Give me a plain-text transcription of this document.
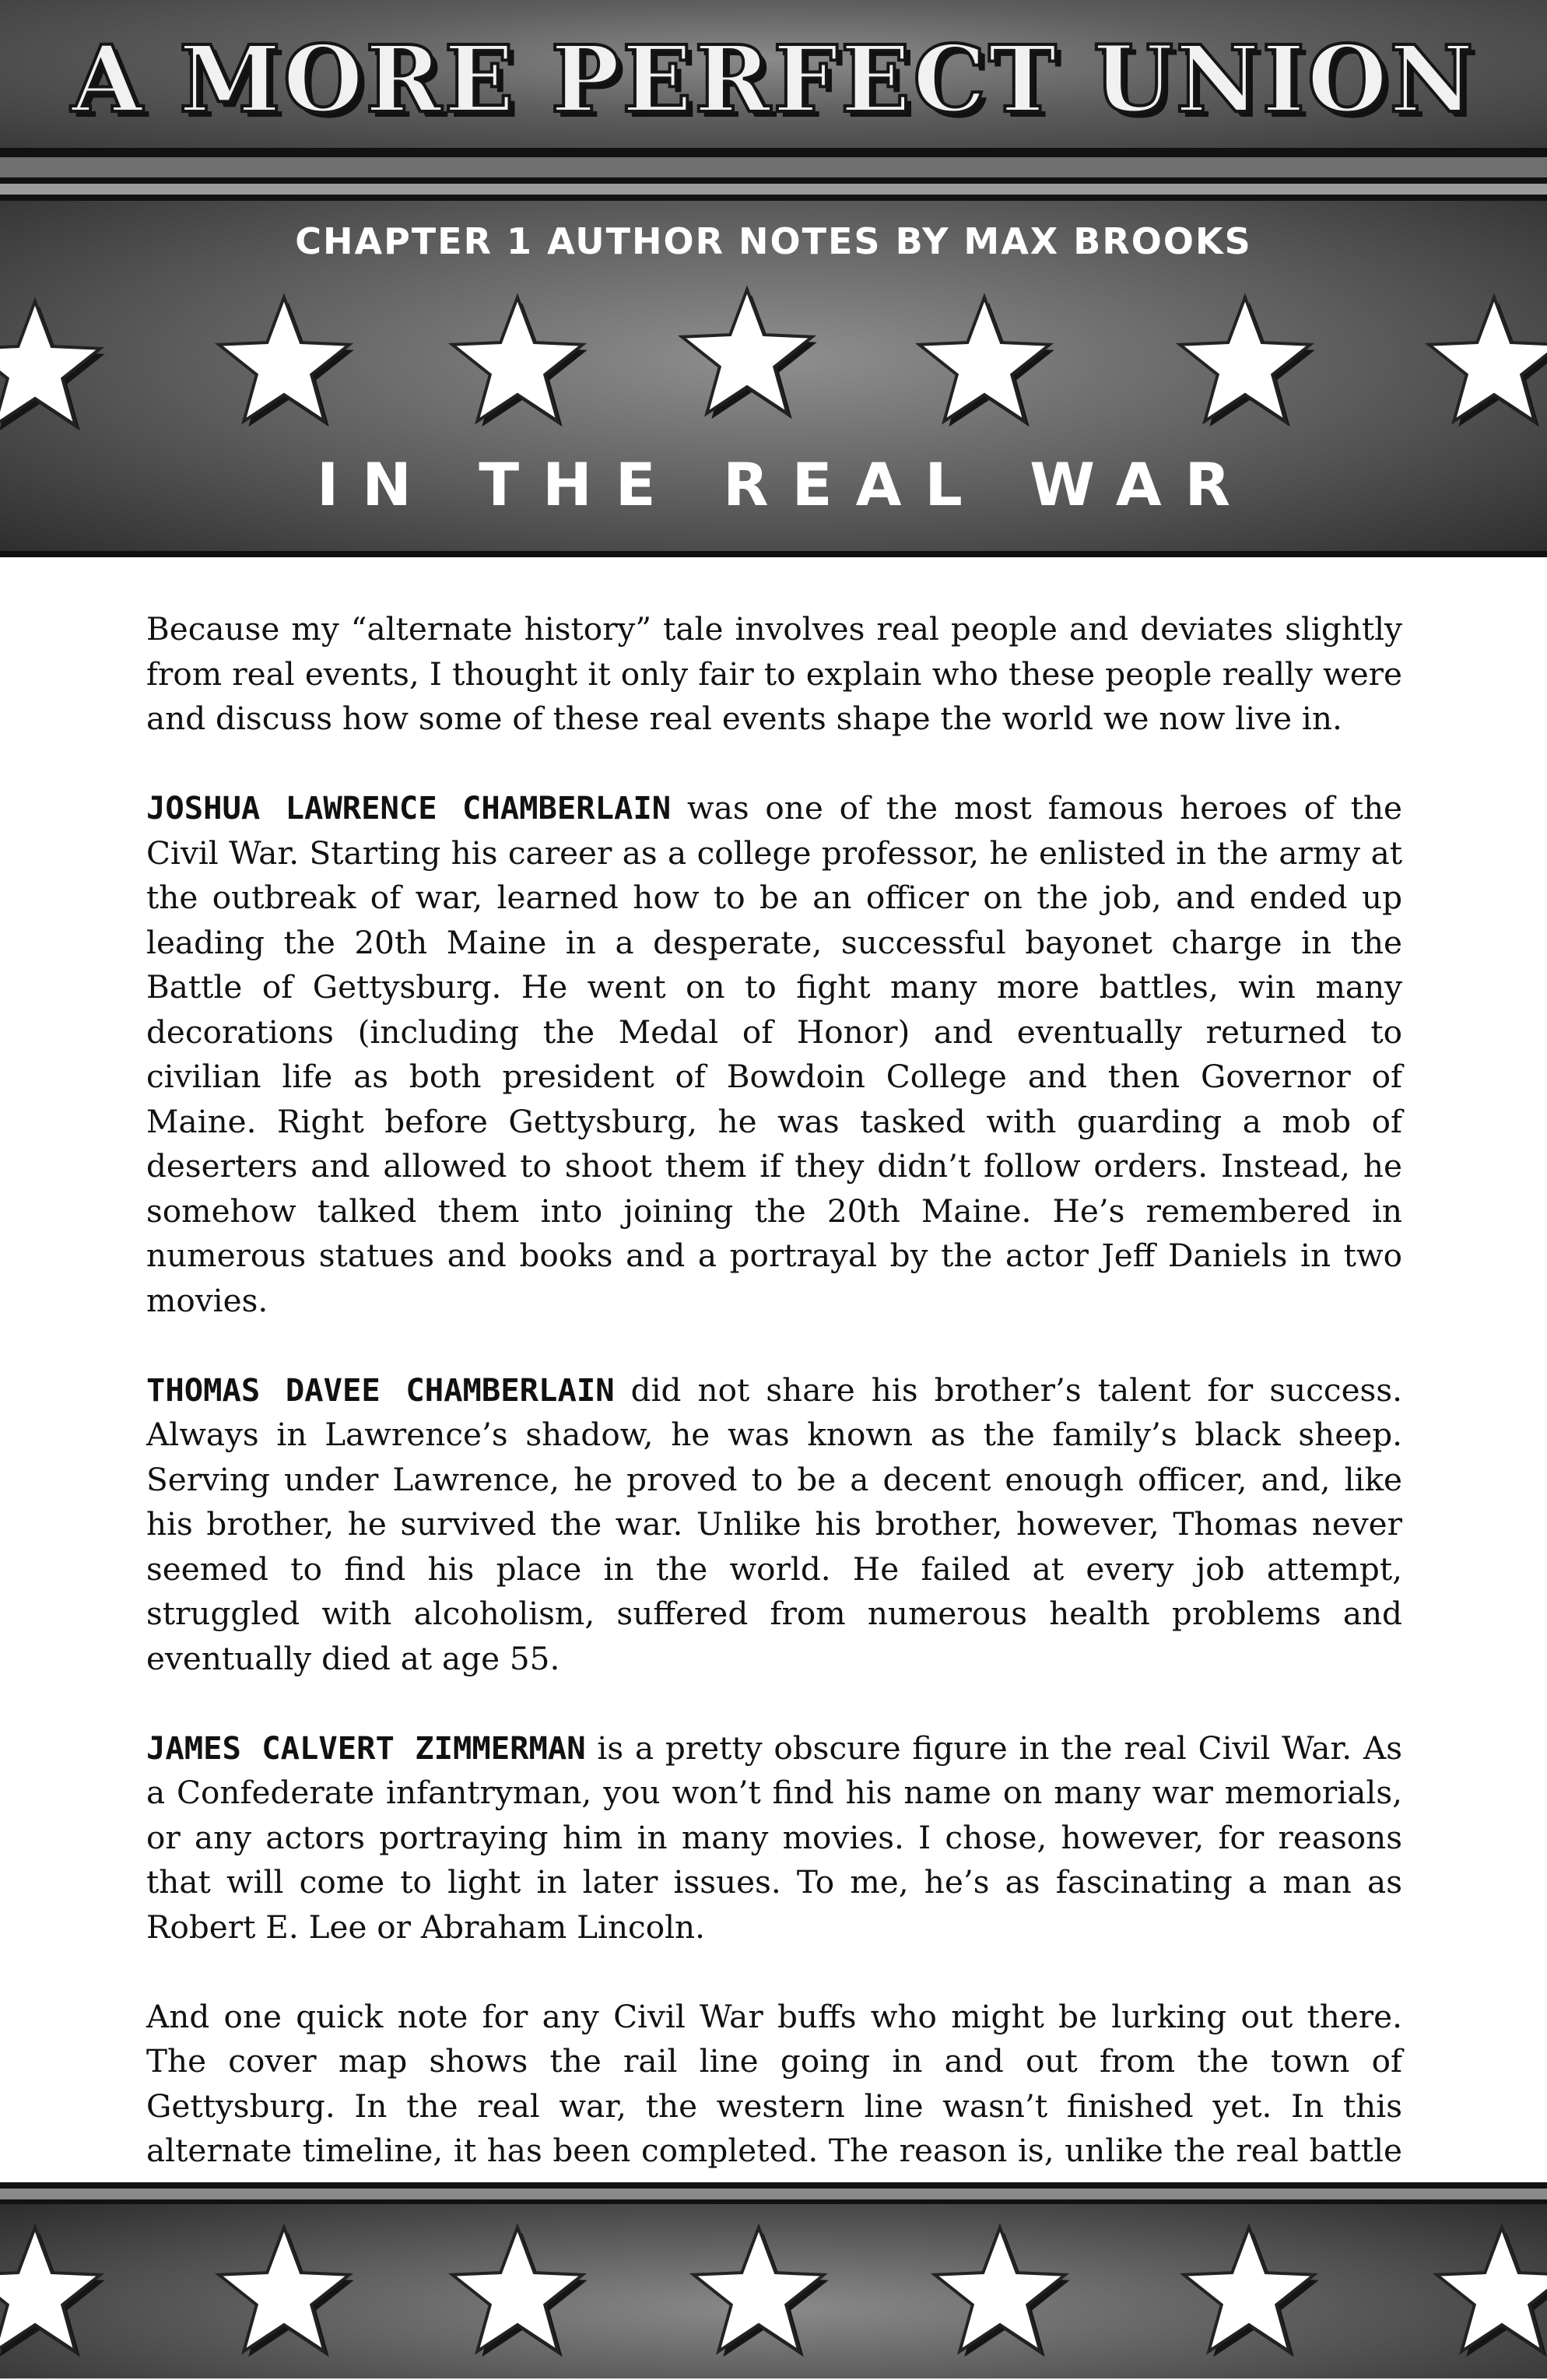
A MORE PERFECT UNION
CHAPTER 1 AUTHOR NOTES BY MAX BROOKS
IN THE REAL WAR

Because my “alternate history” tale involves real people and deviates slightly from real events, I thought it only fair to explain who these people really were and discuss how some of these real events shape the world we now live in.

JOSHUA LAWRENCE CHAMBERLAIN was one of the most famous heroes of the Civil War. Starting his career as a college professor, he enlisted in the army at the outbreak of war, learned how to be an officer on the job, and ended up leading the 20th Maine in a desperate, successful bayonet charge in the Battle of Gettysburg. He went on to fight many more battles, win many decorations (including the Medal of Honor) and eventually returned to civilian life as both president of Bowdoin College and then Governor of Maine. Right before Gettysburg, he was tasked with guarding a mob of deserters and allowed to shoot them if they didn’t follow orders. Instead, he somehow talked them into joining the 20th Maine. He’s remembered in numerous statues and books and a portrayal by the actor Jeff Daniels in two movies.

THOMAS DAVEE CHAMBERLAIN did not share his brother’s talent for success. Always in Lawrence’s shadow, he was known as the family’s black sheep. Serving under Lawrence, he proved to be a decent enough officer, and, like his brother, he survived the war. Unlike his brother, however, Thomas never seemed to find his place in the world. He failed at every job attempt, struggled with alcoholism, suffered from numerous health problems and eventually died at age 55.

JAMES CALVERT ZIMMERMAN is a pretty obscure figure in the real Civil War. As a Confederate infantryman, you won’t find his name on many war memorials, or any actors portraying him in many movies. I chose, however, for reasons that will come to light in later issues. To me, he’s as fascinating a man as Robert E. Lee or Abraham Lincoln.

And one quick note for any Civil War buffs who might be lurking out there. The cover map shows the rail line going in and out from the town of Gettysburg. In the real war, the western line wasn’t finished yet. In this alternate timeline, it has been completed. The reason is, unlike the real battle
